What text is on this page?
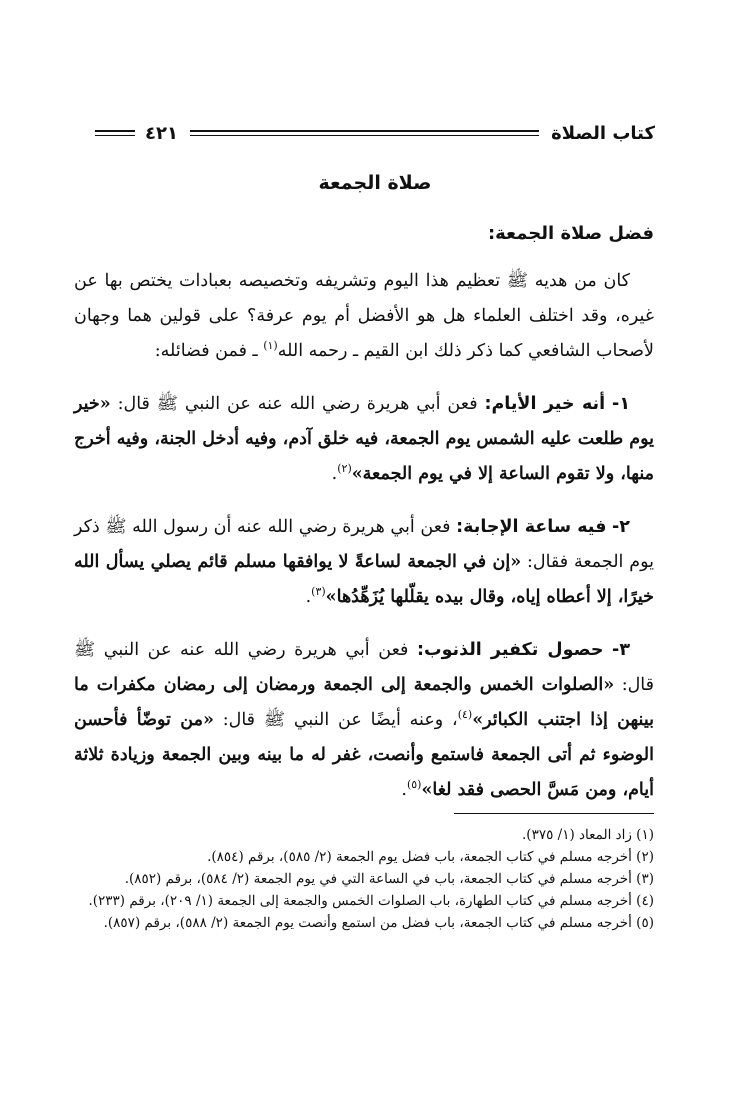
كتاب الصلاة
٤٢١
صلاة الجمعة
فضل صلاة الجمعة:

كان من هديه ﷺ تعظيم هذا اليوم وتشريفه وتخصيصه بعبادات يختص بها عن غيره، وقد اختلف العلماء هل هو الأفضل أم يوم عرفة؟ على قولين هما وجهان لأصحاب الشافعي كما ذكر ذلك ابن القيم ـ رحمه الله$^{(١)}$ ـ فمن فضائله:

١- أنه خير الأيام: فعن أبي هريرة رضي الله عنه عن النبي ﷺ قال: «خير يوم طلعت عليه الشمس يوم الجمعة، فيه خلق آدم، وفيه أدخل الجنة، وفيه أخرج منها، ولا تقوم الساعة إلا في يوم الجمعة»$^{(٢)}$.

٢- فيه ساعة الإجابة: فعن أبي هريرة رضي الله عنه أن رسول الله ﷺ ذكر يوم الجمعة فقال: «إن في الجمعة لساعةً لا يوافقها مسلم قائم يصلي يسأل الله خيرًا، إلا أعطاه إياه، وقال بيده يقلّلها يُزَهِّدُها»$^{(٣)}$.

٣- حصول تكفير الذنوب: فعن أبي هريرة رضي الله عنه عن النبي ﷺ قال: «الصلوات الخمس والجمعة إلى الجمعة ورمضان إلى رمضان مكفرات ما بينهن إذا اجتنب الكبائر»$^{(٤)}$، وعنه أيضًا عن النبي ﷺ قال: «من توضّأ فأحسن الوضوء ثم أتى الجمعة فاستمع وأنصت، غفر له ما بينه وبين الجمعة وزيادة ثلاثة أيام، ومن مَسَّ الحصى فقد لغا»$^{(٥)}$.

(١) زاد المعاد (١/ ٣٧٥).

(٢) أخرجه مسلم في كتاب الجمعة، باب فضل يوم الجمعة (٢/ ٥٨٥)، برقم (٨٥٤).

(٣) أخرجه مسلم في كتاب الجمعة، باب في الساعة التي في يوم الجمعة (٢/ ٥٨٤)، برقم (٨٥٢).

(٤) أخرجه مسلم في كتاب الطهارة، باب الصلوات الخمس والجمعة إلى الجمعة (١/ ٢٠٩)، برقم (٢٣٣).

(٥) أخرجه مسلم في كتاب الجمعة، باب فضل من استمع وأنصت يوم الجمعة (٢/ ٥٨٨)، برقم (٨٥٧).
